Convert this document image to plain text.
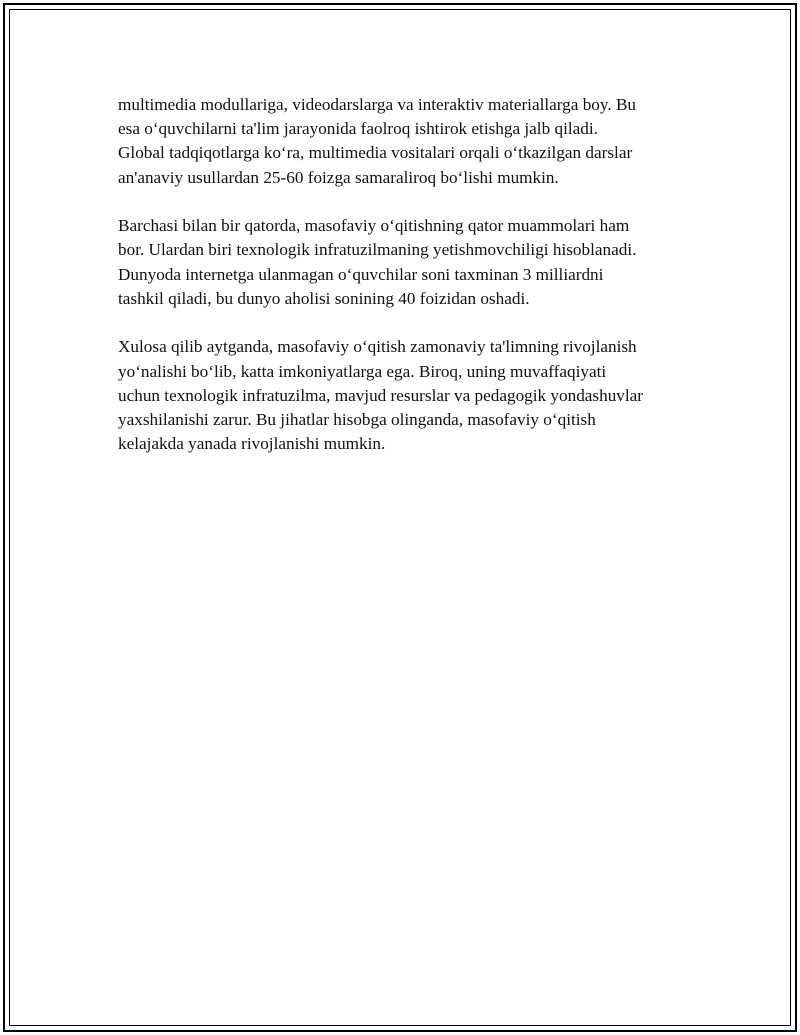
multimedia modullariga, videodarslarga va interaktiv materiallarga boy. Bu
esa oʻquvchilarni ta'lim jarayonida faolroq ishtirok etishga jalb qiladi.
Global tadqiqotlarga koʻra, multimedia vositalari orqali oʻtkazilgan darslar
an'anaviy usullardan 25-60 foizga samaraliroq boʻlishi mumkin.

Barchasi bilan bir qatorda, masofaviy oʻqitishning qator muammolari ham
bor. Ulardan biri texnologik infratuzilmaning yetishmovchiligi hisoblanadi.
Dunyoda internetga ulanmagan oʻquvchilar soni taxminan 3 milliardni
tashkil qiladi, bu dunyo aholisi sonining 40 foizidan oshadi.

Xulosa qilib aytganda, masofaviy oʻqitish zamonaviy ta'limning rivojlanish
yoʻnalishi boʻlib, katta imkoniyatlarga ega. Biroq, uning muvaffaqiyati
uchun texnologik infratuzilma, mavjud resurslar va pedagogik yondashuvlar
yaxshilanishi zarur. Bu jihatlar hisobga olinganda, masofaviy oʻqitish
kelajakda yanada rivojlanishi mumkin.
